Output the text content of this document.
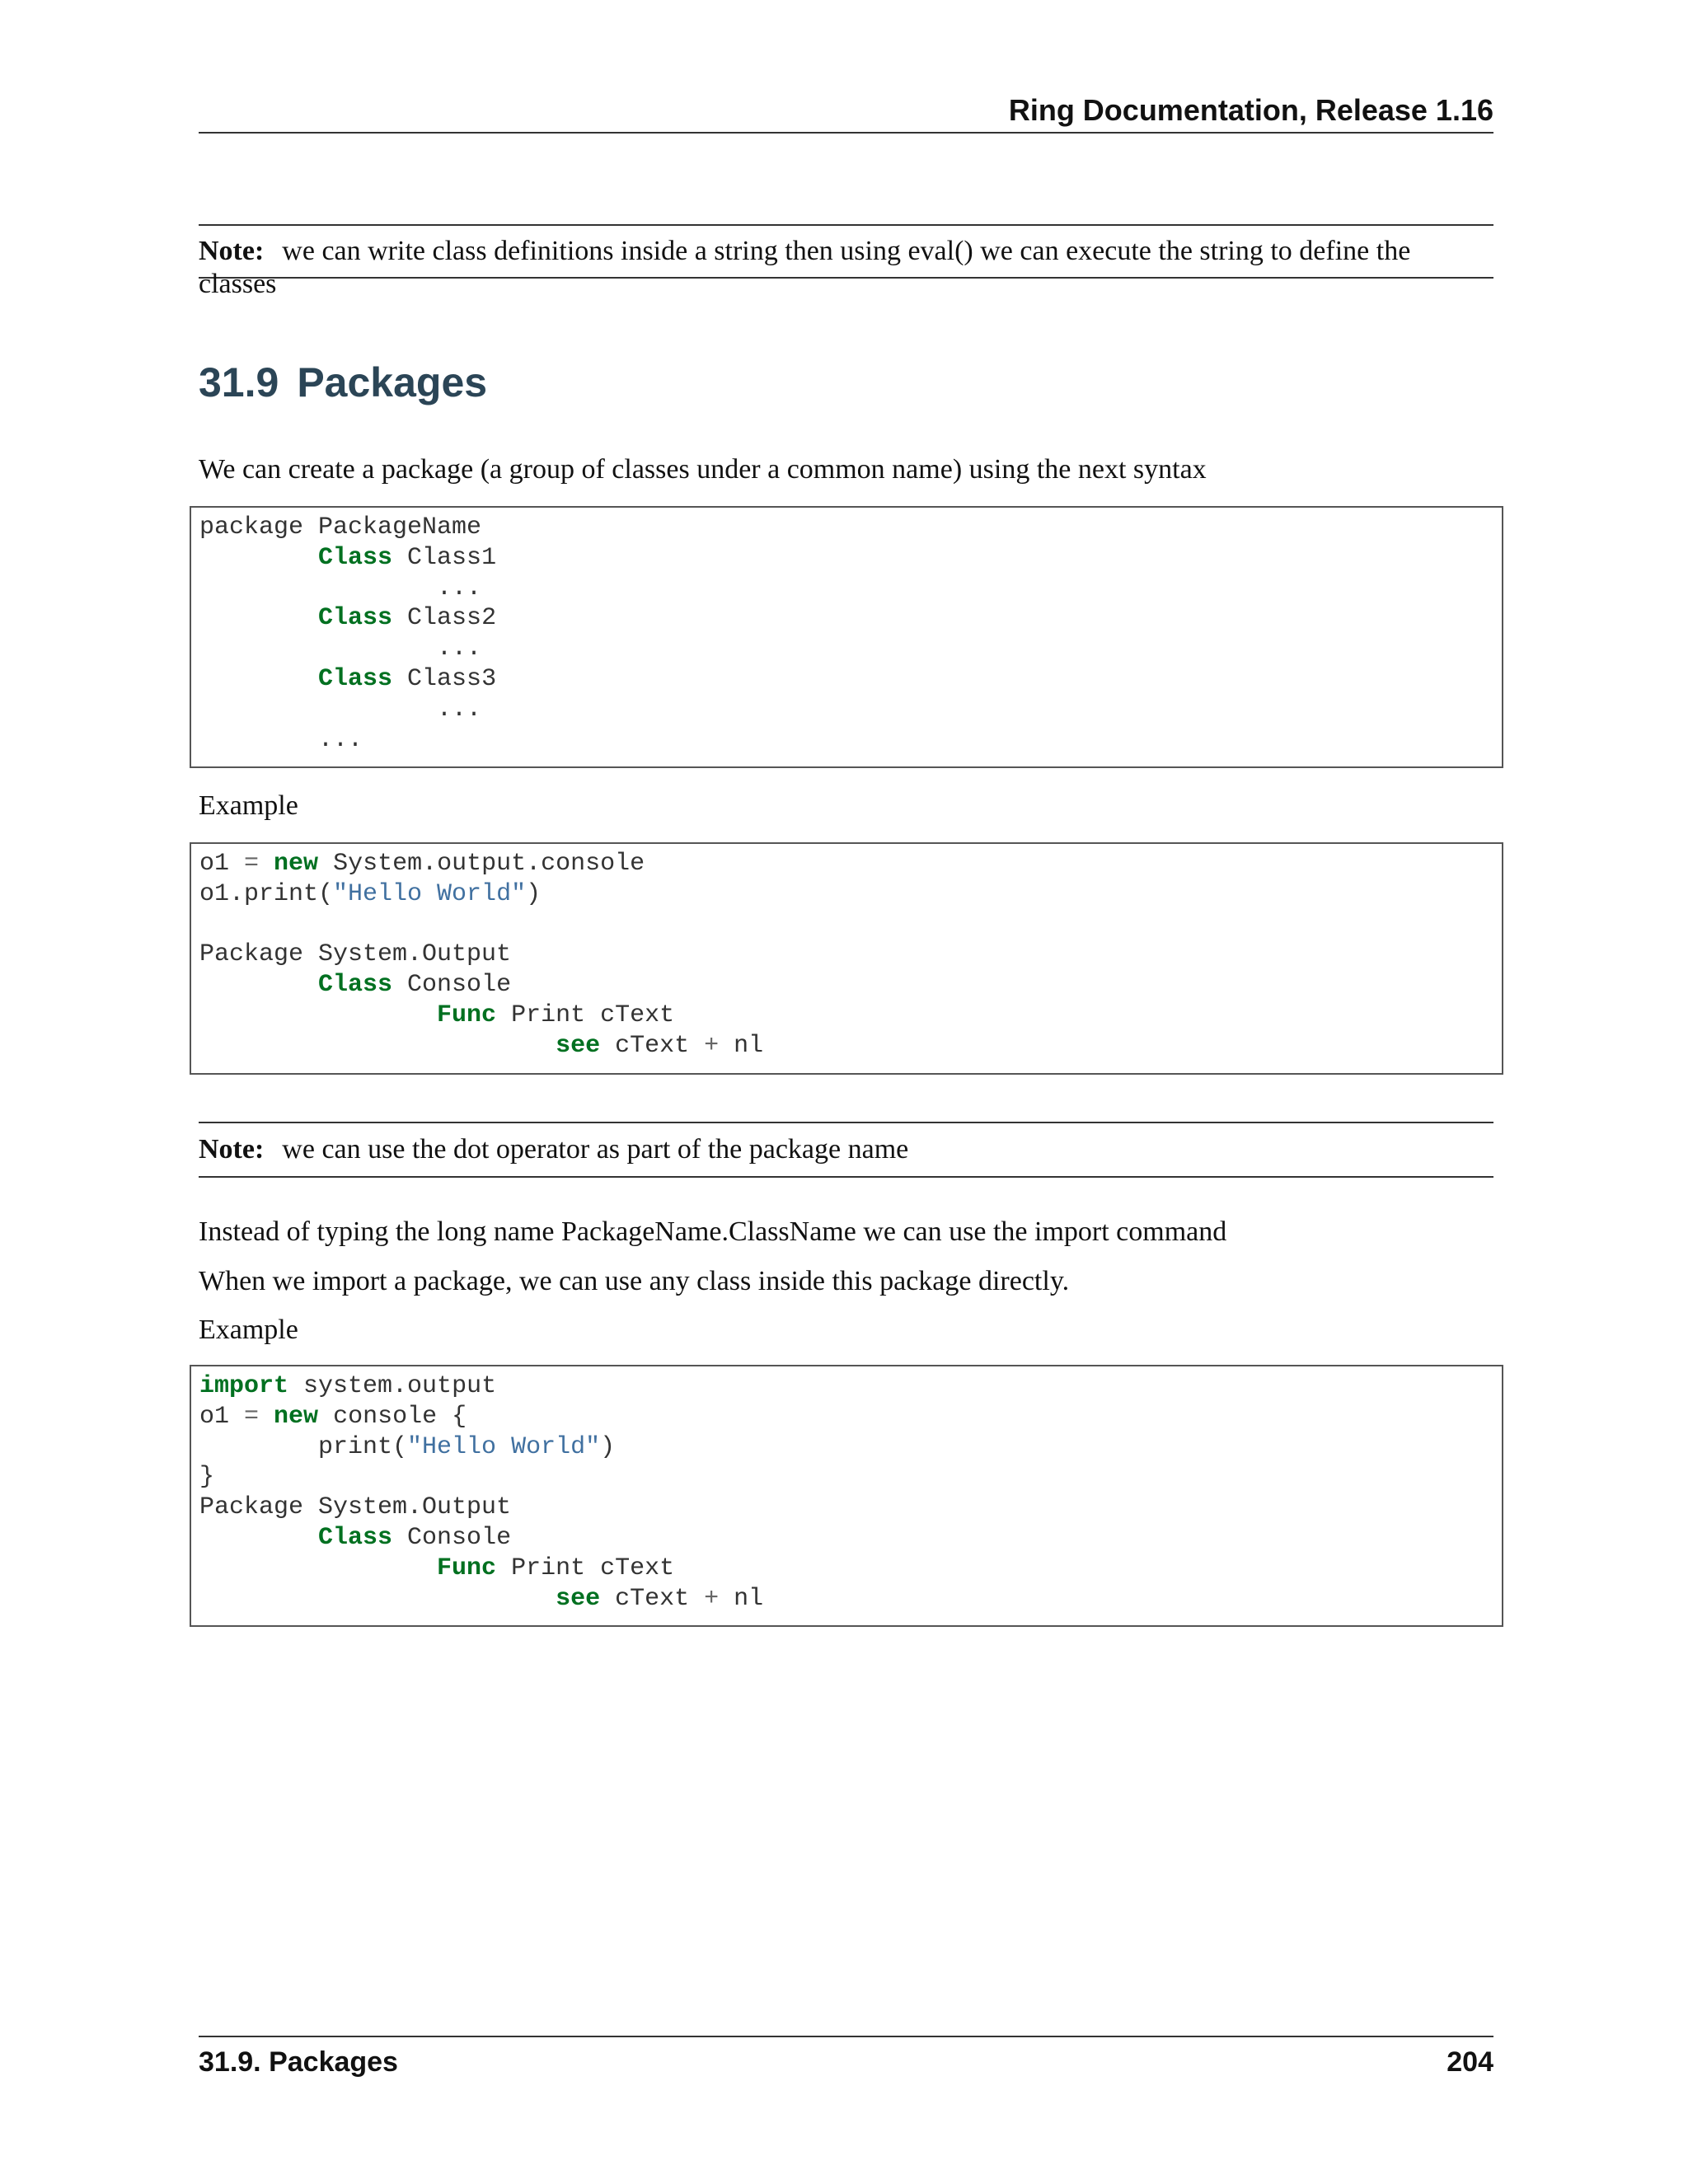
Ring Documentation, Release 1.16
Note: we can write class definitions inside a string then using eval() we can execute the string to define the classes
31.9 Packages
We can create a package (a group of classes under a common name) using the next syntax
package PackageName
Class Class1
...
Class Class2
...
Class Class3
...
...
Example
o1 = new System.output.console
o1.print("Hello World")
Package System.Output
Class Console
Func Print cText
see cText + nl
Note: we can use the dot operator as part of the package name
Instead of typing the long name PackageName.ClassName we can use the import command
When we import a package, we can use any class inside this package directly.
Example
import system.output
o1 = new console {
print("Hello World")
}
Package System.Output
Class Console
Func Print cText
see cText + nl
31.9. Packages	204
